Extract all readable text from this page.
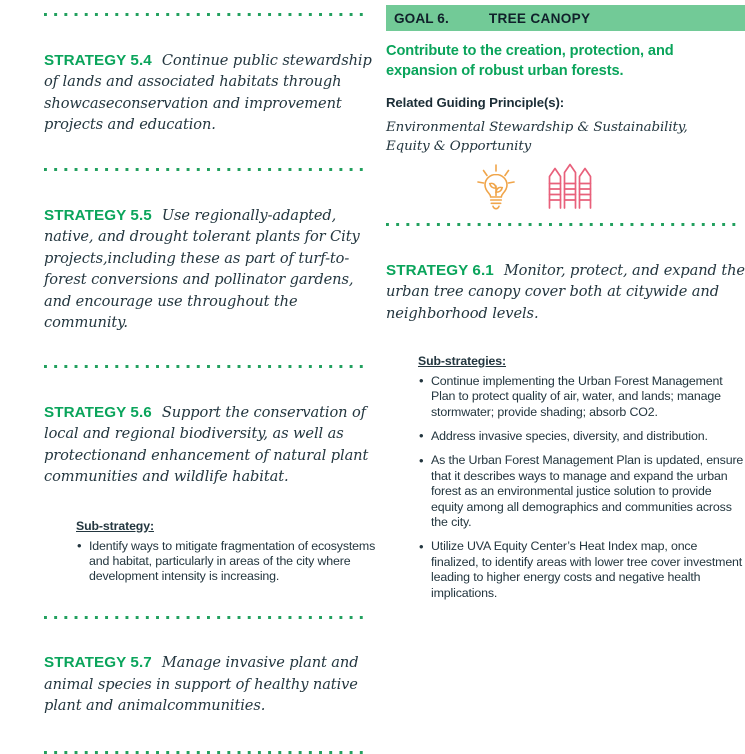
STRATEGY 5.4 Continue public stewardship of lands and associated habitats through showcaseconservation and improvement projects and education.

STRATEGY 5.5 Use regionally-adapted, native, and drought tolerant plants for City projects,including these as part of turf-to-forest conversions and pollinator gardens, and encourage use throughout the community.

STRATEGY 5.6 Support the conservation of local and regional biodiversity, as well as protectionand enhancement of natural plant communities and wildlife habitat.

Sub-strategy:
• Identify ways to mitigate fragmentation of ecosystems and habitat, particularly in areas of the city where development intensity is increasing.

STRATEGY 5.7 Manage invasive plant and animal species in support of healthy native plant and animalcommunities.

GOAL 6.	TREE CANOPY
Contribute to the creation, protection, and expansion of robust urban forests.
Related Guiding Principle(s):
Environmental Stewardship & Sustainability, Equity & Opportunity

STRATEGY 6.1 Monitor, protect, and expand the urban tree canopy cover both at citywide and neighborhood levels.

Sub-strategies:
• Continue implementing the Urban Forest Management Plan to protect quality of air, water, and lands; manage stormwater; provide shading; absorb CO2.
• Address invasive species, diversity, and distribution.
• As the Urban Forest Management Plan is updated, ensure that it describes ways to manage and expand the urban forest as an environmental justice solution to provide equity among all demographics and communities across the city.
• Utilize UVA Equity Center’s Heat Index map, once finalized, to identify areas with lower tree cover investment leading to higher energy costs and negative health implications.
